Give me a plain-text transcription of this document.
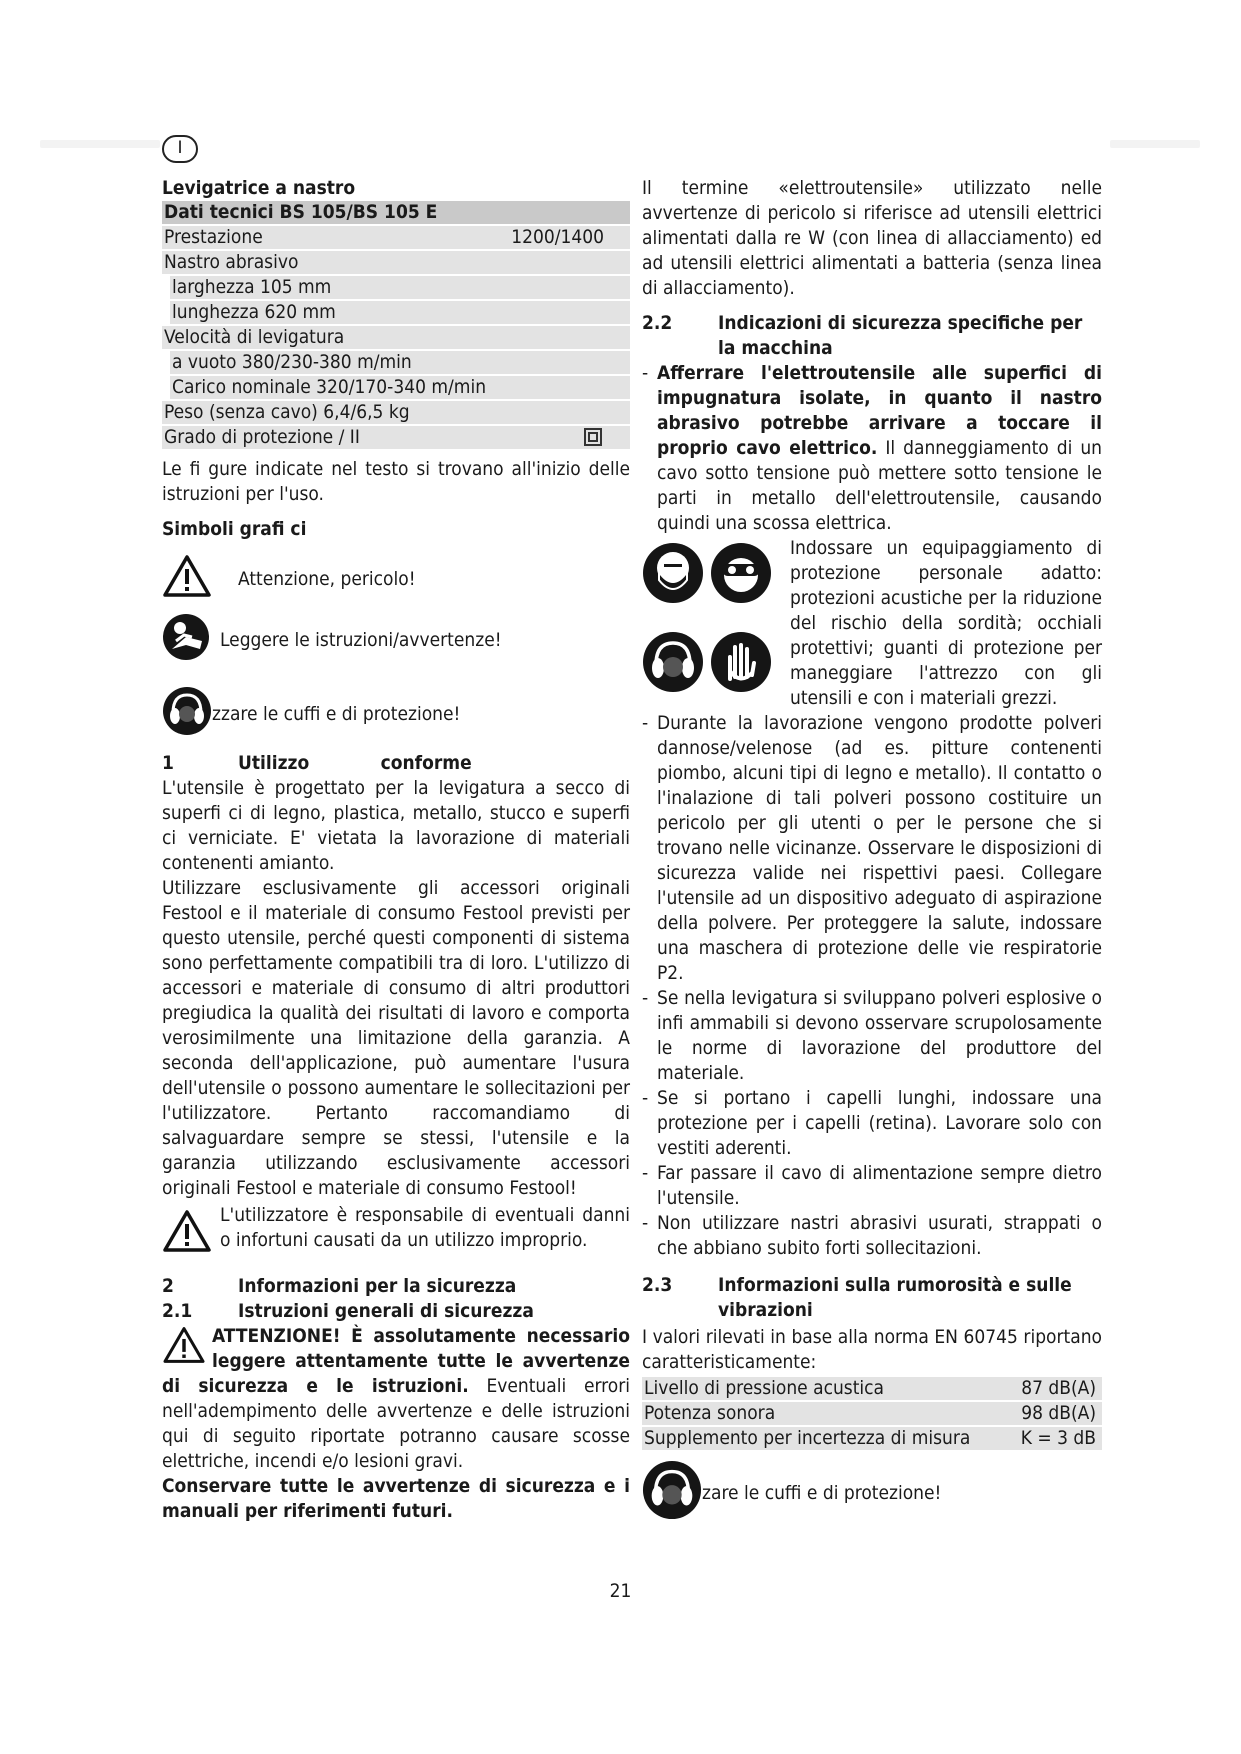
I

Levigatrice a nastro

Dati tecnici BS 105/BS 105 E
Prestazione	1200/1400
Nastro abrasivo
larghezza 105 mm
lunghezza 620 mm
Velocità di levigatura
a vuoto 380/230-380 m/min
Carico nominale 320/170-340 m/min
Peso (senza cavo) 6,4/6,5 kg
Grado di protezione / II

Le fi gure indicate nel testo si trovano all'inizio delle istruzioni per l'uso.

Simboli grafi ci

Attenzione, pericolo!
Leggere le istruzioni/avvertenze!
zzare le cuffi e di protezione!
1	Utilizzo            conforme

L'utensile è progettato per la levigatura a secco di superfi ci di legno, plastica, metallo, stucco e superfi ci verniciate. E' vietata la lavorazione di materiali contenenti amianto.

Utilizzare esclusivamente gli accessori originali Festool e il materiale di consumo Festool previsti per questo utensile, perché questi componenti di sistema sono perfettamente compatibili tra di loro. L'utilizzo di accessori e materiale di consumo di altri produttori pregiudica la qualità dei risultati di lavoro e comporta verosimilmente una limitazione della garanzia. A seconda dell'applicazione, può aumentare l'usura dell'utensile o possono aumentare le sollecitazioni per l'utilizzatore. Pertanto raccomandiamo di salvaguardare sempre se stessi, l'utensile e la garanzia utilizzando esclusivamente accessori originali Festool e materiale di consumo Festool!

L'utilizzatore è responsabile di eventuali danni o infortuni causati da un utilizzo improprio.
2	Informazioni per la sicurezza
2.1	Istruzioni generali di sicurezza

ATTENZIONE! È assolutamente necessario leggere attentamente tutte le avvertenze di sicurezza e le istruzioni. Eventuali errori nell'adempimento delle avvertenze e delle istruzioni qui di seguito riportate potranno causare scosse elettriche, incendi e/o lesioni gravi.

Conservare tutte le avvertenze di sicurezza e i manuali per riferimenti futuri.

Il termine «elettroutensile» utilizzato nelle avvertenze di pericolo si riferisce ad utensili elettrici alimentati dalla re W (con linea di allacciamento) ed ad utensili elettrici alimentati a batteria (senza linea di allacciamento).

2.2	Indicazioni di sicurezza specifiche per la macchina
- Afferrare l'elettroutensile alle superfici di impugnatura isolate, in quanto il nastro abrasivo potrebbe arrivare a toccare il proprio cavo elettrico. Il danneggiamento di un cavo sotto tensione può mettere sotto tensione le parti in metallo dell'elettroutensile, causando quindi una scossa elettrica.

Indossare un equipaggiamento di protezione personale adatto: protezioni acustiche per la riduzione del rischio della sordità; occhiali protettivi; guanti di protezione per maneggiare l'attrezzo con gli utensili e con i materiali grezzi.

- Durante la lavorazione vengono prodotte polveri dannose/velenose (ad es. pitture contenenti piombo, alcuni tipi di legno e metallo). Il contatto o l'inalazione di tali polveri possono costituire un pericolo per gli utenti o per le persone che si trovano nelle vicinanze. Osservare le disposizioni di sicurezza valide nei rispettivi paesi. Collegare l'utensile ad un dispositivo adeguato di aspirazione della polvere. Per proteggere la salute, indossare una maschera di protezione delle vie respiratorie P2.
- Se nella levigatura si sviluppano polveri esplosive o infi ammabili si devono osservare scrupolosamente le norme di lavorazione del produttore del materiale.
- Se si portano i capelli lunghi, indossare una protezione per i capelli (retina). Lavorare solo con vestiti aderenti.
- Far passare il cavo di alimentazione sempre dietro l'utensile.
- Non utilizzare nastri abrasivi usurati, strappati o che abbiano subito forti sollecitazioni.
2.3	Informazioni sulla rumorosità e sulle vibrazioni

I valori rilevati in base alla norma EN 60745 riportano caratteristicamente:

Livello di pressione acustica	87 dB(A)
Potenza sonora	98 dB(A)
Supplemento per incertezza di misura	K = 3 dB
zare le cuffi e di protezione!
21
